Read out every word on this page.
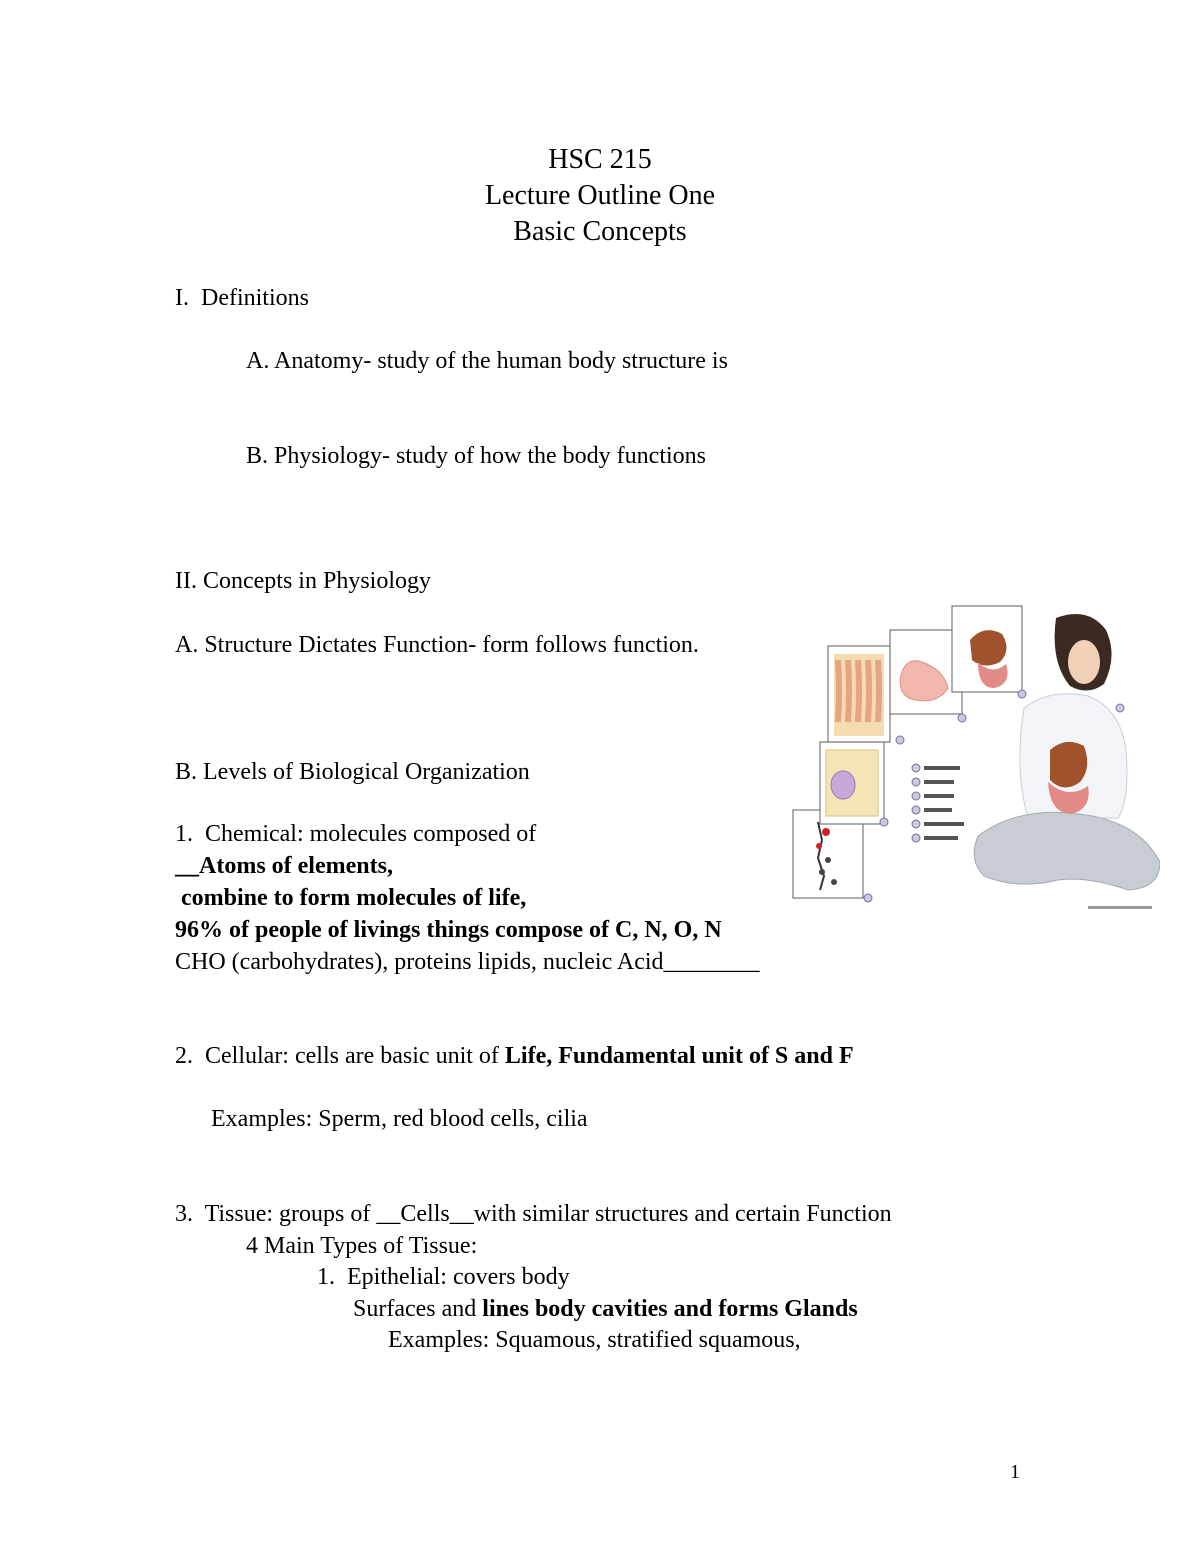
HSC 215
Lecture Outline One
Basic Concepts
I.  Definitions
A. Anatomy- study of the human body structure is
B. Physiology- study of how the body functions
II. Concepts in Physiology
A. Structure Dictates Function- form follows function.
B. Levels of Biological Organization
1.  Chemical: molecules composed of
__Atoms of elements,
combine to form molecules of life,
96% of people of livings things compose of C, N, O, N
CHO (carbohydrates), proteins lipids, nucleic Acid________
2.  Cellular: cells are basic unit of Life, Fundamental unit of S and F
Examples: Sperm, red blood cells, cilia
3.  Tissue: groups of __Cells__with similar structures and certain Function
4 Main Types of Tissue:
1.  Epithelial: covers body
Surfaces and lines body cavities and forms Glands
Examples: Squamous, stratified squamous,
1
